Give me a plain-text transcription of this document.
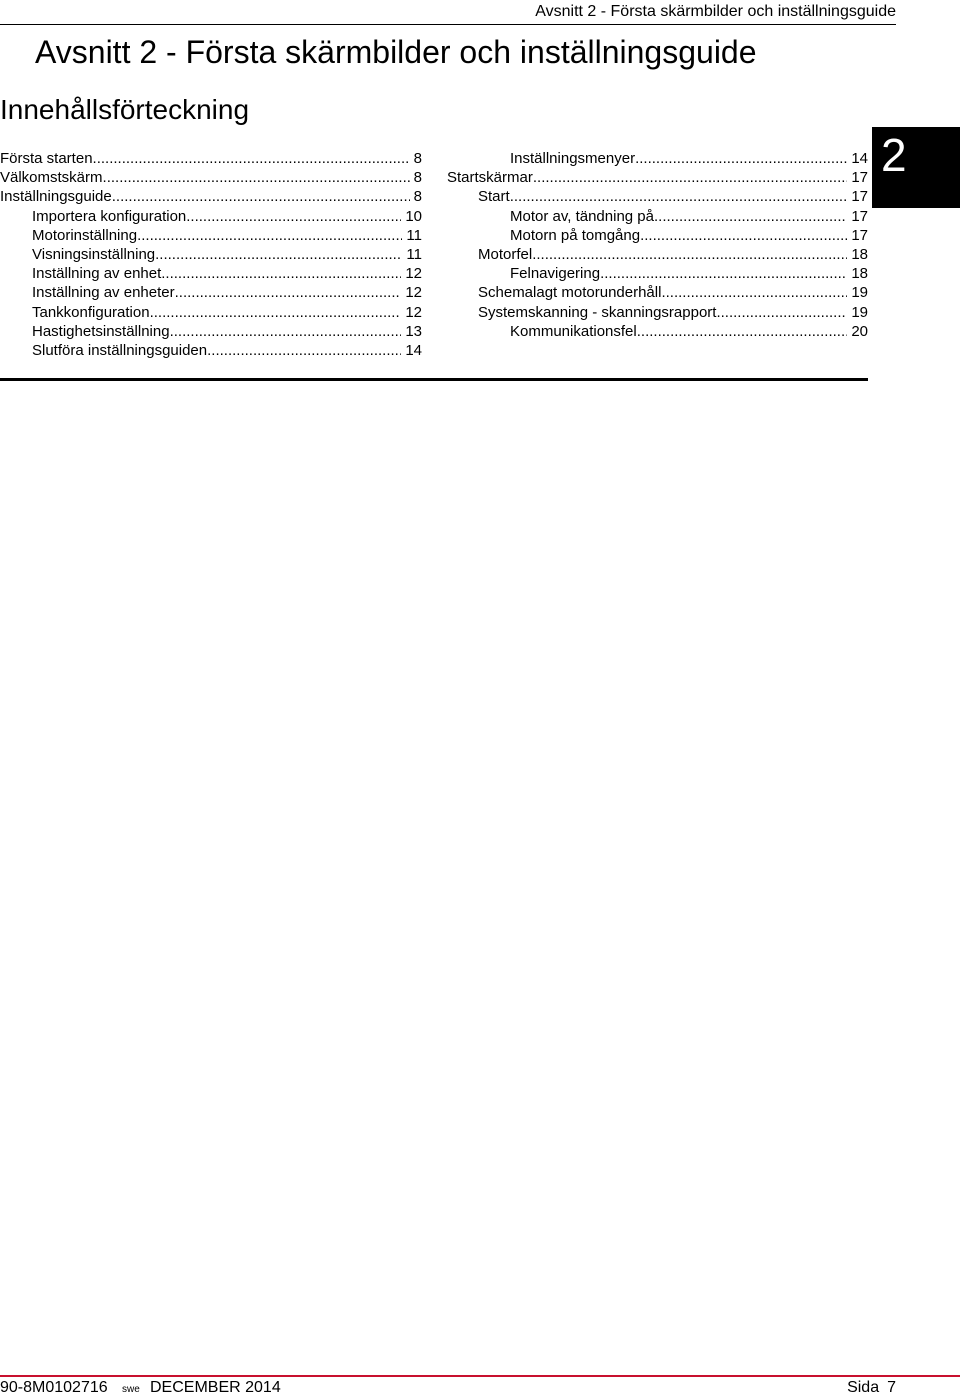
Avsnitt 2 - Första skärmbilder och inställningsguide
Avsnitt 2 - Första skärmbilder och inställningsguide
Innehållsförteckning
Första starten .....	8
Välkomstskärm .....	8
Inställningsguide .....	8
Importera konfiguration .....	10
Motorinställning .....	11
Visningsinställning .....	11
Inställning av enhet .....	12
Inställning av enheter .....	12
Tankkonfiguration .....	12
Hastighetsinställning .....	13
Slutföra inställningsguiden .....	14
Inställningsmenyer .....	14
Startskärmar .....	17
Start .....	17
Motor av, tändning på .....	17
Motorn på tomgång .....	17
Motorfel .....	18
Felnavigering .....	18
Schemalagt motorunderhåll .....	19
Systemskanning - skanningsrapport .....	19
Kommunikationsfel .....	20
2
90-8M0102716 swe DECEMBER 2014	Sida 7
